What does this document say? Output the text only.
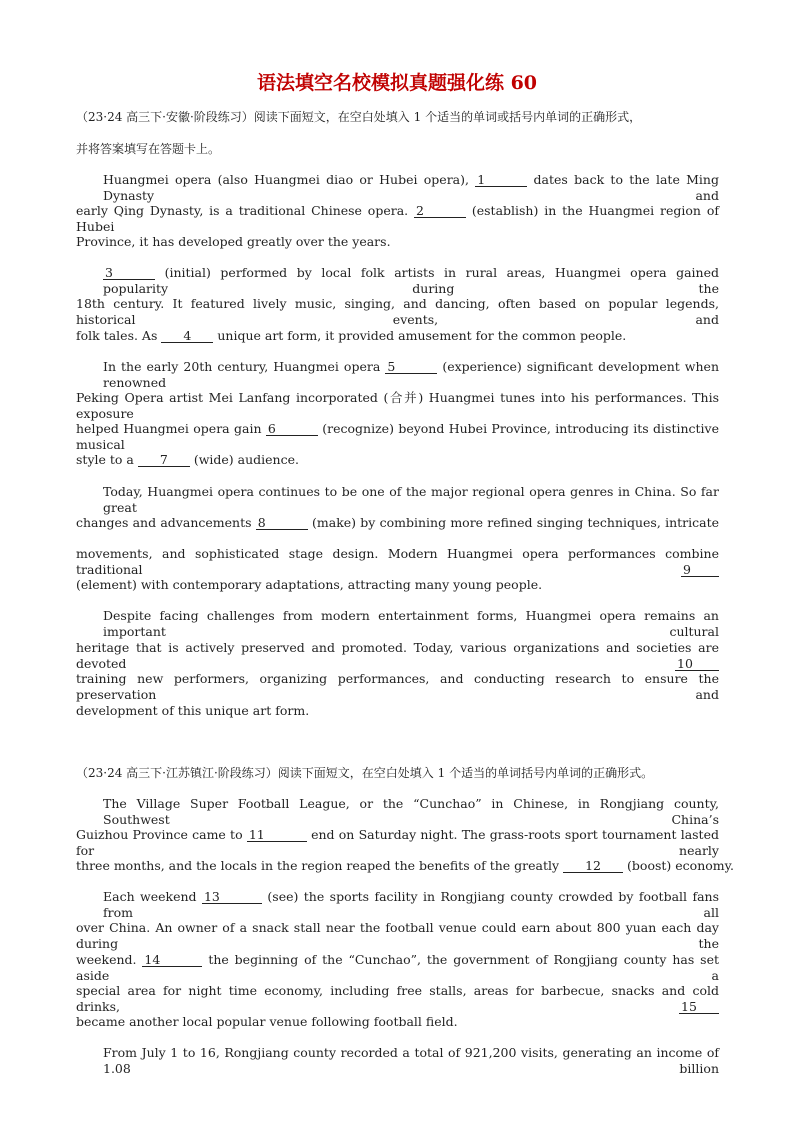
语法填空名校模拟真题强化练 60
（23·24 高三下·安徽·阶段练习）阅读下面短文，在空白处填入 1 个适当的单词或括号内单词的正确形式，
并将答案填写在答题卡上。
Huangmei opera (also Huangmei diao or Hubei opera), 1	dates back to the late Ming Dynasty and
early Qing Dynasty, is a traditional Chinese opera. 2	(establish) in the Huangmei region of Hubei
Province, it has developed greatly over the years.
3	(initial) performed by local folk artists in rural areas, Huangmei opera gained popularity during the
18th century. It featured lively music, singing, and dancing, often based on popular legends, historical events, and
folk tales. As 4 unique art form, it provided amusement for the common people.
In the early 20th century, Huangmei opera 5	(experience) significant development when renowned
Peking Opera artist Mei Lanfang incorporated (合并) Huangmei tunes into his performances. This exposure
helped Huangmei opera gain 6	(recognize) beyond Hubei Province, introducing its distinctive musical
style to a 7 (wide) audience.
Today, Huangmei opera continues to be one of the major regional opera genres in China. So far great
changes and advancements 8	(make) by combining more refined singing techniques, intricate
movements, and sophisticated stage design. Modern Huangmei opera performances combine traditional	9
(element) with contemporary adaptations, attracting many young people.
Despite facing challenges from modern entertainment forms, Huangmei opera remains an important cultural
heritage that is actively preserved and promoted. Today, various organizations and societies are devoted	10
training new performers, organizing performances, and conducting research to ensure the preservation and
development of this unique art form.
（23·24 高三下·江苏镇江·阶段练习）阅读下面短文，在空白处填入 1 个适当的单词括号内单词的正确形式。
The Village Super Football League, or the “Cunchao” in Chinese, in Rongjiang county, Southwest China’s
Guizhou Province came to 11	end on Saturday night. The grass-roots sport tournament lasted for nearly
three months, and the locals in the region reaped the benefits of the greatly 12 (boost) economy.
Each weekend 13	(see) the sports facility in Rongjiang county crowded by football fans from all
over China. An owner of a snack stall near the football venue could earn about 800 yuan each day during the
weekend. 14	the beginning of the “Cunchao”, the government of Rongjiang county has set aside a
special area for night time economy, including free stalls, areas for barbecue, snacks and cold drinks,	15
became another local popular venue following football field.
From July 1 to 16, Rongjiang county recorded a total of 921,200 visits, generating an income of 1.08 billion
